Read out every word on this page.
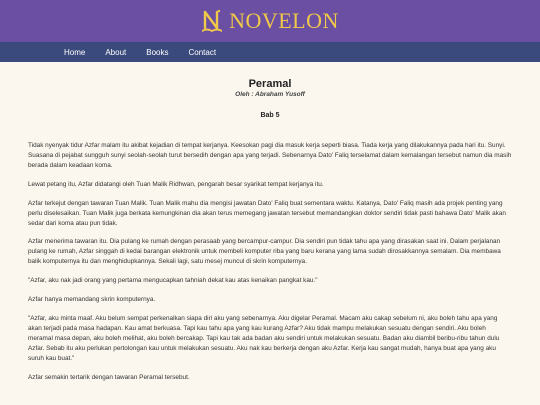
NOVELON
Home	About	Books	Contact
Peramal
Oleh : Abraham Yusoff
Bab 5

Tidak nyenyak tidur Azfar malam itu akibat kejadian di tempat kerjanya. Keesokan pagi dia masuk kerja seperti biasa. Tiada kerja yang dilakukannya pada hari itu. Sunyi. Suasana di pejabat sungguh sunyi seolah-seolah turut bersedih dengan apa yang terjadi. Sebenarnya Dato' Faliq terselamat dalam kemalangan tersebut namun dia masih berada dalam keadaan koma.

Lewat petang itu, Azfar didatangi oleh Tuan Malik Ridhwan, pengarah besar syarikat tempat kerjanya itu.

Azfar terkejut dengan tawaran Tuan Malik. Tuan Malik mahu dia mengisi jawatan Dato' Faliq buat sementara waktu. Katanya, Dato' Faliq masih ada projek penting yang perlu diselesaikan. Tuan Malik juga berkata kemungkinan dia akan terus memegang jawatan tersebut memandangkan doktor sendiri tidak pasti bahawa Dato' Malik akan sedar dari koma atau pun tidak.

Azfar menerima tawaran itu. Dia pulang ke rumah dengan perasaab yang bercampur-campur. Dia sendiri pun tidak tahu apa yang dirasakan saat ini. Dalam perjalanan pulang ke rumah, Azfar singgah di kedai barangan elektronik untuk membeli komputer riba yang baru kerana yang lama sudah dirosakkannya semalam. Dia membawa balik komputernya itu dan menghidupkannya. Sekali lagi, satu mesej muncul di skrin komputernya.

"Azfar, aku nak jadi orang yang pertama mengucapkan tahniah dekat kau atas kenaikan pangkat kau."

Azfar hanya memandang skrin komputernya.

"Azfar, aku minta maaf. Aku belum sempat perkenalkan siapa diri aku yang sebenarnya. Aku digelar Peramal. Macam aku cakap sebelum ni, aku boleh tahu apa yang akan terjadi pada masa hadapan. Kau amat berkuasa. Tapi kau tahu apa yang kau kurang Azfar? Aku tidak mampu melakukan sesuatu dengan sendiri. Aku boleh meramal masa depan, aku boleh melihat, aku boleh bercakap. Tapi kau tak ada badan aku sendiri untuk melakukan sesuatu. Badan aku diambil beribu-ribu tahun dulu Azfar. Sebab itu aku perlukan pertolongan kau untuk melakukan sesuatu. Aku nak kau berkerja dengan aku Azfar. Kerja kau sangat mudah, hanya buat apa yang aku suruh kau buat."

Azfar semakin tertarik dengan tawaran Peramal tersebut.
